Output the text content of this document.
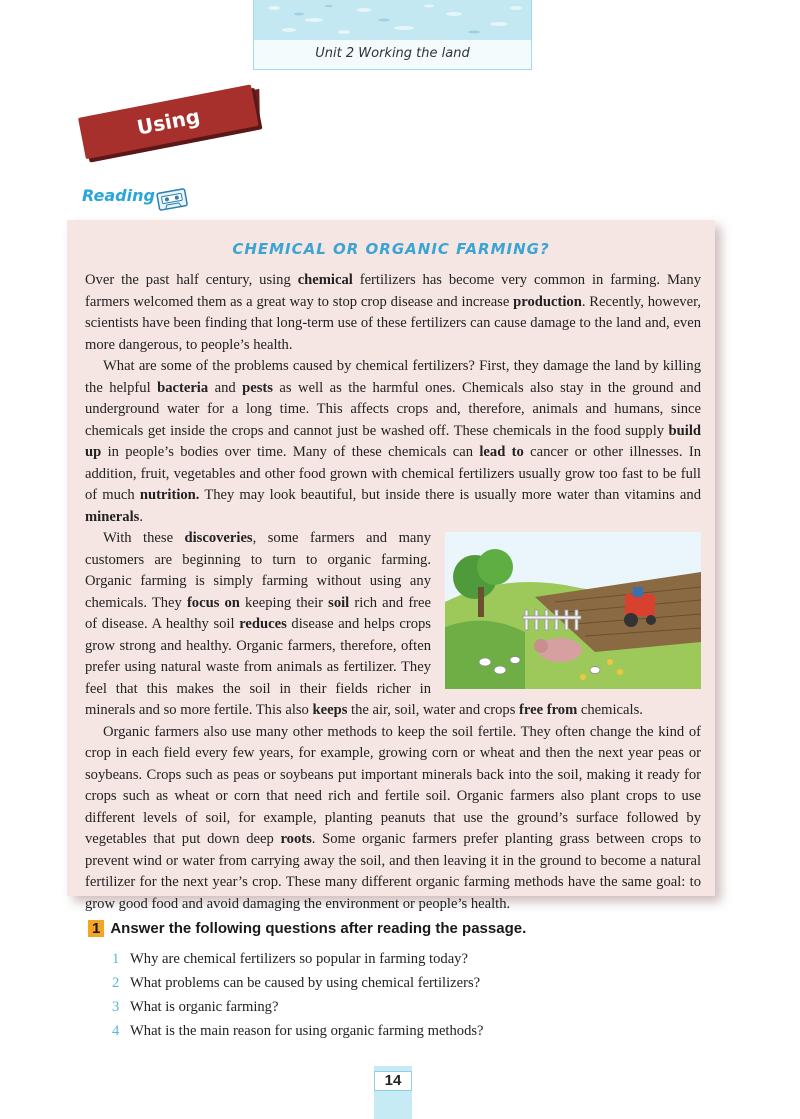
Unit 2 Working the land
Using Language
Reading
CHEMICAL OR ORGANIC FARMING?

Over the past half century, using chemical fertilizers has become very common in farming. Many farmers welcomed them as a great way to stop crop disease and increase production. Recently, however, scientists have been finding that long-term use of these fertilizers can cause damage to the land and, even more dangerous, to people’s health.

What are some of the problems caused by chemical fertilizers? First, they damage the land by killing the helpful bacteria and pests as well as the harmful ones. Chemicals also stay in the ground and underground water for a long time. This affects crops and, therefore, animals and humans, since chemicals get inside the crops and cannot just be washed off. These chemicals in the food supply build up in people’s bodies over time. Many of these chemicals can lead to cancer or other illnesses. In addition, fruit, vegetables and other food grown with chemical fertilizers usually grow too fast to be full of much nutrition. They may look beautiful, but inside there is usually more water than vitamins and minerals.

With these discoveries, some farmers and many customers are beginning to turn to organic farming. Organic farming is simply farming without using any chemicals. They focus on keeping their soil rich and free of disease. A healthy soil reduces disease and helps crops grow strong and healthy. Organic farmers, therefore, often prefer using natural waste from animals as fertilizer. They feel that this makes the soil in their fields richer in minerals and so more fertile. This also keeps the air, soil, water and crops free from chemicals.

Organic farmers also use many other methods to keep the soil fertile. They often change the kind of crop in each field every few years, for example, growing corn or wheat and then the next year peas or soybeans. Crops such as peas or soybeans put important minerals back into the soil, making it ready for crops such as wheat or corn that need rich and fertile soil. Organic farmers also plant crops to use different levels of soil, for example, planting peanuts that use the ground’s surface followed by vegetables that put down deep roots. Some organic farmers prefer planting grass between crops to prevent wind or water from carrying away the soil, and then leaving it in the ground to become a natural fertilizer for the next year’s crop. These many different organic farming methods have the same goal: to grow good food and avoid damaging the environment or people’s health.

1 Answer the following questions after reading the passage.
1 Why are chemical fertilizers so popular in farming today?
2 What problems can be caused by using chemical fertilizers?
3 What is organic farming?
4 What is the main reason for using organic farming methods?
14
